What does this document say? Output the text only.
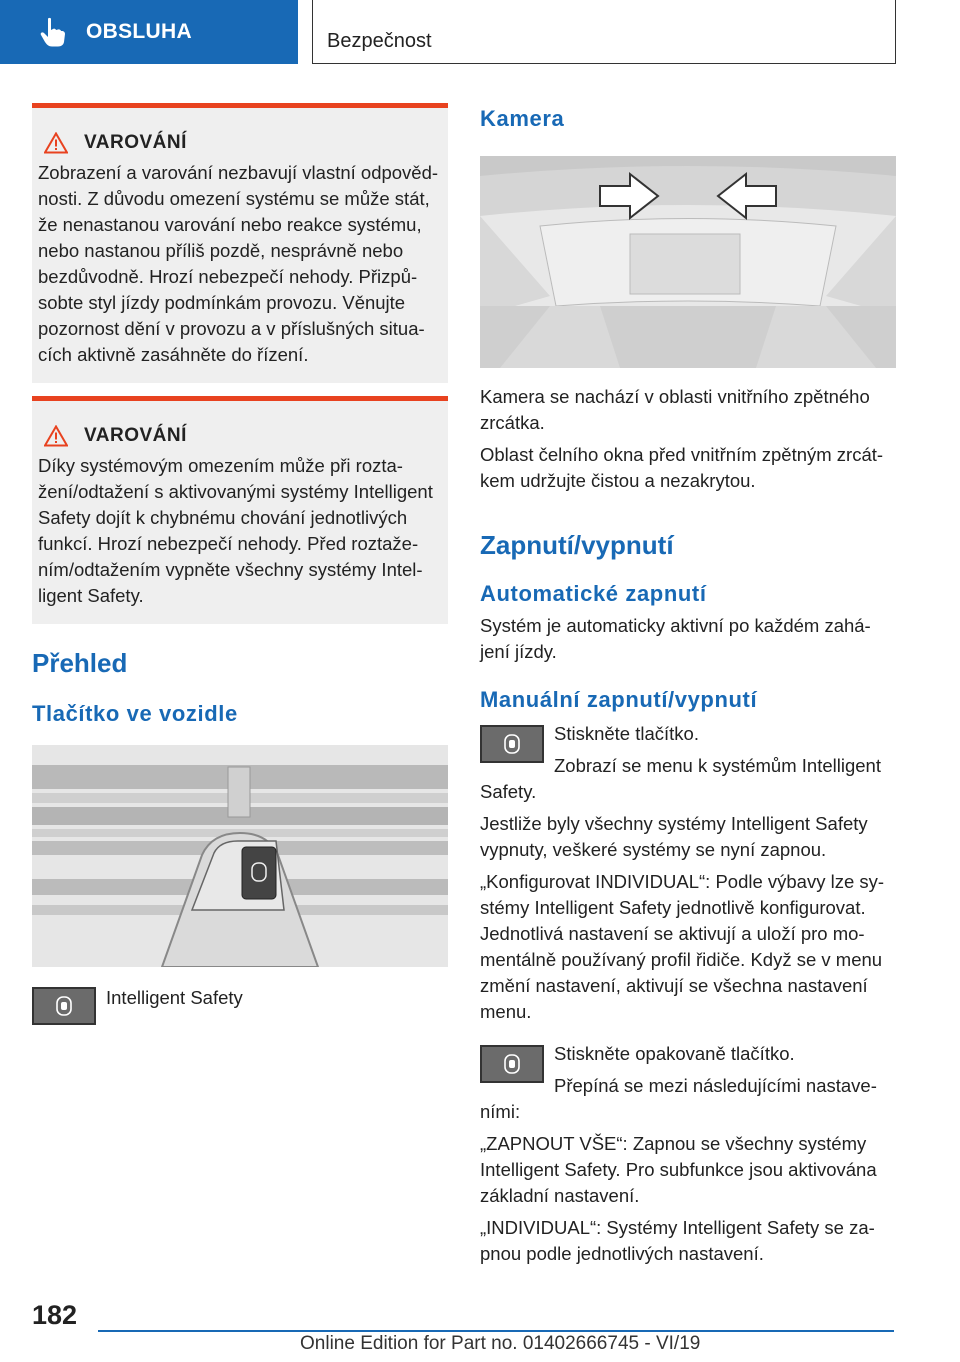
OBSLUHA	Bezpečnost
VAROVÁNÍ
Zobrazení a varování nezbavují vlastní odpověd-
nosti. Z důvodu omezení systému se může stát,
že nenastanou varování nebo reakce systému,
nebo nastanou příliš pozdě, nesprávně nebo
bezdůvodně. Hrozí nebezpečí nehody. Přizpů-
sobte styl jízdy podmínkám provozu. Věnujte
pozornost dění v provozu a v příslušných situa-
cích aktivně zasáhněte do řízení.
VAROVÁNÍ
Díky systémovým omezením může při rozta-
žení/odtažení s aktivovanými systémy Intelligent
Safety dojít k chybnému chování jednotlivých
funkcí. Hrozí nebezpečí nehody. Před roztaže-
ním/odtažením vypněte všechny systémy Intel-
ligent Safety.
Přehled
Tlačítko ve vozidle
Intelligent Safety
Kamera
Kamera se nachází v oblasti vnitřního zpětného
zrcátka.
Oblast čelního okna před vnitřním zpětným zrcát-
kem udržujte čistou a nezakrytou.
Zapnutí/vypnutí
Automatické zapnutí
Systém je automaticky aktivní po každém zahá-
jení jízdy.
Manuální zapnutí/vypnutí
Stiskněte tlačítko.
Zobrazí se menu k systémům Intelligent
Safety.
Jestliže byly všechny systémy Intelligent Safety
vypnuty, veškeré systémy se nyní zapnou.
„Konfigurovat INDIVIDUAL“: Podle výbavy lze sy-
stémy Intelligent Safety jednotlivě konfigurovat.
Jednotlivá nastavení se aktivují a uloží pro mo-
mentálně používaný profil řidiče. Když se v menu
změní nastavení, aktivují se všechna nastavení
menu.
Stiskněte opakovaně tlačítko.
Přepíná se mezi následujícími nastave-
ními:
„ZAPNOUT VŠE“: Zapnou se všechny systémy
Intelligent Safety. Pro subfunkce jsou aktivována
základní nastavení.
„INDIVIDUAL“: Systémy Intelligent Safety se za-
pnou podle jednotlivých nastavení.
182
Online Edition for Part no. 01402666745 - VI/19
